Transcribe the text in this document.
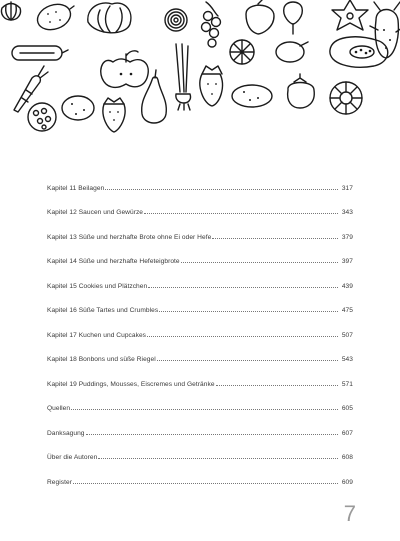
Kapitel 11 Beilagen	317
Kapitel 12 Saucen und Gewürze	343
Kapitel 13 Süße und herzhafte Brote ohne Ei oder Hefe	379
Kapitel 14 Süße und herzhafte Hefeteigbrote	397
Kapitel 15 Cookies und Plätzchen	439
Kapitel 16 Süße Tartes und Crumbles	475
Kapitel 17 Kuchen und Cupcakes	507
Kapitel 18 Bonbons und süße Riegel	543
Kapitel 19 Puddings, Mousses, Eiscremes und Getränke	571
Quellen	605
Danksagung	607
Über die Autoren	608
Register	609
7
